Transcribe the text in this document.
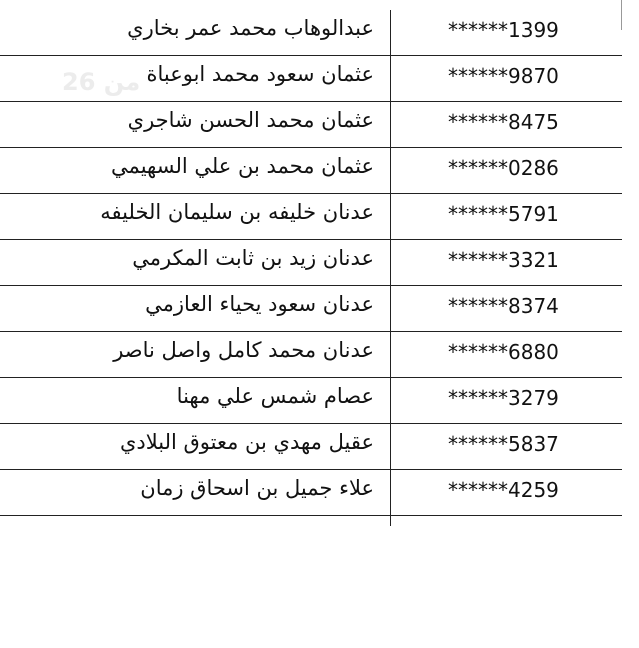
من 26
******1399
عبدالوهاب محمد عمر بخاري
******9870
عثمان سعود محمد ابوعباة
******8475
عثمان محمد الحسن شاجري
******0286
عثمان محمد بن علي السهيمي
******5791
عدنان خليفه بن سليمان الخليفه
******3321
عدنان زيد بن ثابت المكرمي
******8374
عدنان سعود يحياء العازمي
******6880
عدنان محمد كامل واصل ناصر
******3279
عصام شمس علي مهنا
******5837
عقيل مهدي بن معتوق البلادي
******4259
علاء جميل بن اسحاق زمان
